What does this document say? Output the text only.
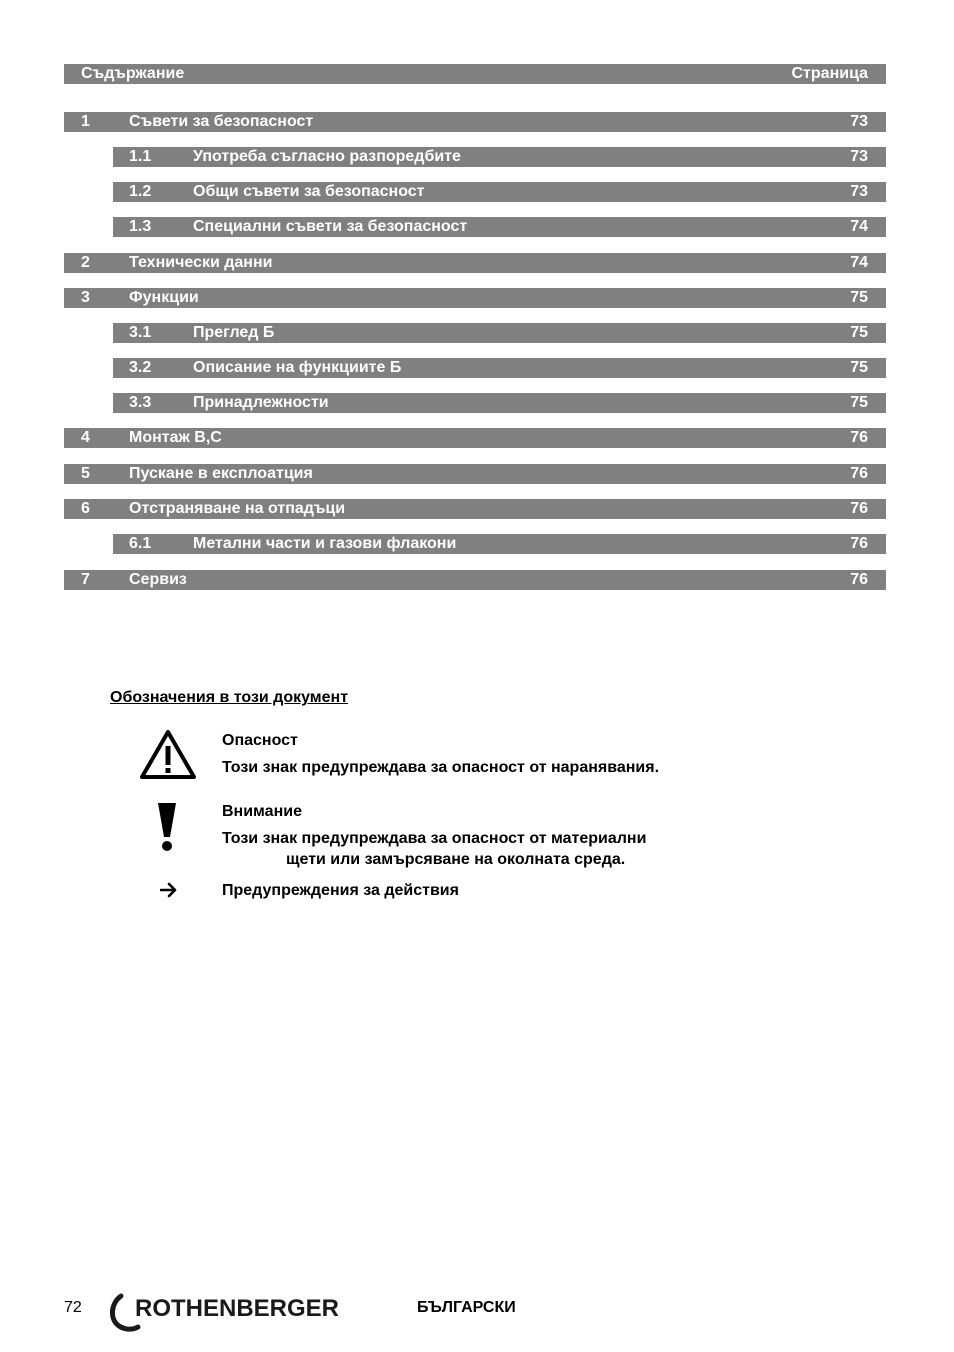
Съдържание	Страница
1 Съвети за безопасност	73
1.1	Употреба съгласно разпоредбите	73
1.2	Общи съвети за безопасност	73
1.3	Специални съвети за безопасност	74
2 Технически данни	74
3 Функции	75
3.1	Преглед Б	75
3.2	Описание на функциите Б	75
3.3	Принадлежности	75
4 Монтаж В,С	76
5 Пускане в експлоатция	76
6 Отстраняване на отпадъци	76
6.1	Метални части и газови флакони	76
7 Сервиз	76
Обозначения в този документ
Опасност
Този знак предупреждава за опасност от наранявания.
Внимание
Този знак предупреждава за опасност от материални
щети или замърсяване на околната среда.
Предупреждения за действия
72 ROTHENBERGER	БЪЛГАРСКИ
